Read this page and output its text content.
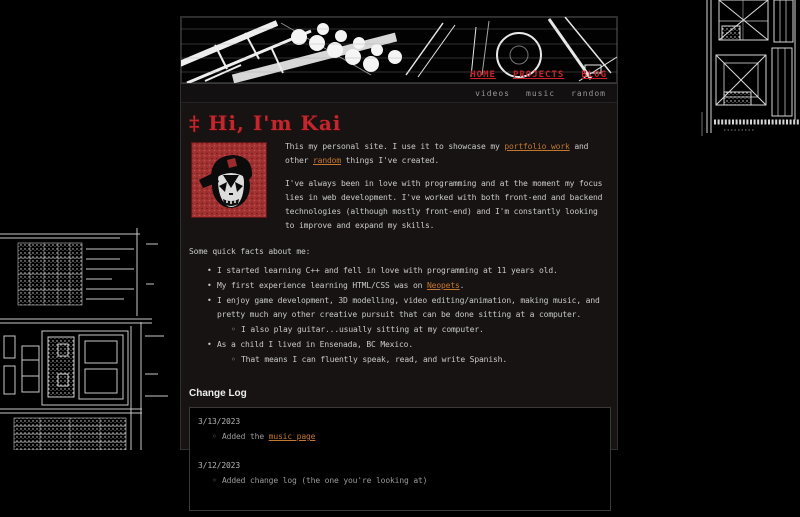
HOME PROJECTS BLOG
videos music random
‡ Hi, I'm Kai

This my personal site. I use it to showcase my portfolio work and other random things I've created.

I've always been in love with programming and at the moment my focus lies in web development. I've worked with both front-end and backend technologies (although mostly front-end) and I'm constantly looking to improve and expand my skills.

Some quick facts about me:

• I started learning C++ and fell in love with programming at 11 years old.
• My first experience learning HTML/CSS was on Neopets.
• I enjoy game development, 3D modelling, video editing/animation, making music, and pretty much any other creative pursuit that can be done sitting at a computer.
◦ I also play guitar...usually sitting at my computer.
• As a child I lived in Ensenada, BC Mexico.
◦ That means I can fluently speak, read, and write Spanish.
Change Log
3/13/2023
◦ Added the music page
3/12/2023
◦ Added change log (the one you're looking at)
